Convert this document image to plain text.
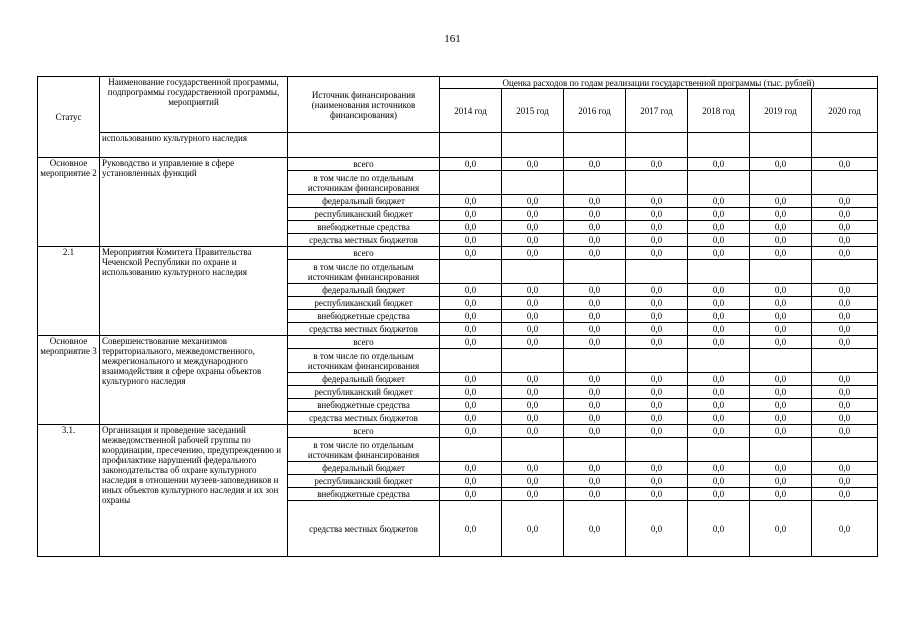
161
Статус	Наименование государственной программы, подпрограммы государственной программы, мероприятий	Источник финансирования (наименования источников финансирования)	Оценка расходов по годам реализации государственной программы (тыс. рублей)						
			2014 год	2015 год	2016 год	2017 год	2018 год	2019 год	2020 год
	использованию культурного наследия								
Основное мероприятие 2	Руководство и управление в сфере установленных функций	всего	0,0	0,0	0,0	0,0	0,0	0,0	0,0
		в том числе по отдельным источникам финансирования							
		федеральный бюджет	0,0	0,0	0,0	0,0	0,0	0,0	0,0
		республиканский бюджет	0,0	0,0	0,0	0,0	0,0	0,0	0,0
		внебюджетные средства	0,0	0,0	0,0	0,0	0,0	0,0	0,0
		средства местных бюджетов	0,0	0,0	0,0	0,0	0,0	0,0	0,0
2.1	Мероприятия Комитета Правительства Чеченской Республики по охране и использованию культурного наследия	всего	0,0	0,0	0,0	0,0	0,0	0,0	0,0
		в том числе по отдельным источникам финансирования							
		федеральный бюджет	0,0	0,0	0,0	0,0	0,0	0,0	0,0
		республиканский бюджет	0,0	0,0	0,0	0,0	0,0	0,0	0,0
		внебюджетные средства	0,0	0,0	0,0	0,0	0,0	0,0	0,0
		средства местных бюджетов	0,0	0,0	0,0	0,0	0,0	0,0	0,0
Основное мероприятие 3	Совершенствование механизмов территориального, межведомственного, межрегионального и международного взаимодействия в сфере охраны объектов культурного наследия	всего	0,0	0,0	0,0	0,0	0,0	0,0	0,0
		в том числе по отдельным источникам финансирования							
		федеральный бюджет	0,0	0,0	0,0	0,0	0,0	0,0	0,0
		республиканский бюджет	0,0	0,0	0,0	0,0	0,0	0,0	0,0
		внебюджетные средства	0,0	0,0	0,0	0,0	0,0	0,0	0,0
		средства местных бюджетов	0,0	0,0	0,0	0,0	0,0	0,0	0,0
3.1.	Организация и проведение заседаний межведомственной рабочей группы по координации, пресечению, предупреждению и профилактике нарушений федерального законодательства об охране культурного наследия в отношении музеев-заповедников и иных объектов культурного наследия и их зон охраны	всего	0,0	0,0	0,0	0,0	0,0	0,0	0,0
		в том числе по отдельным источникам финансирования							
		федеральный бюджет	0,0	0,0	0,0	0,0	0,0	0,0	0,0
		республиканский бюджет	0,0	0,0	0,0	0,0	0,0	0,0	0,0
		внебюджетные средства	0,0	0,0	0,0	0,0	0,0	0,0	0,0
		средства местных бюджетов	0,0	0,0	0,0	0,0	0,0	0,0	0,0
